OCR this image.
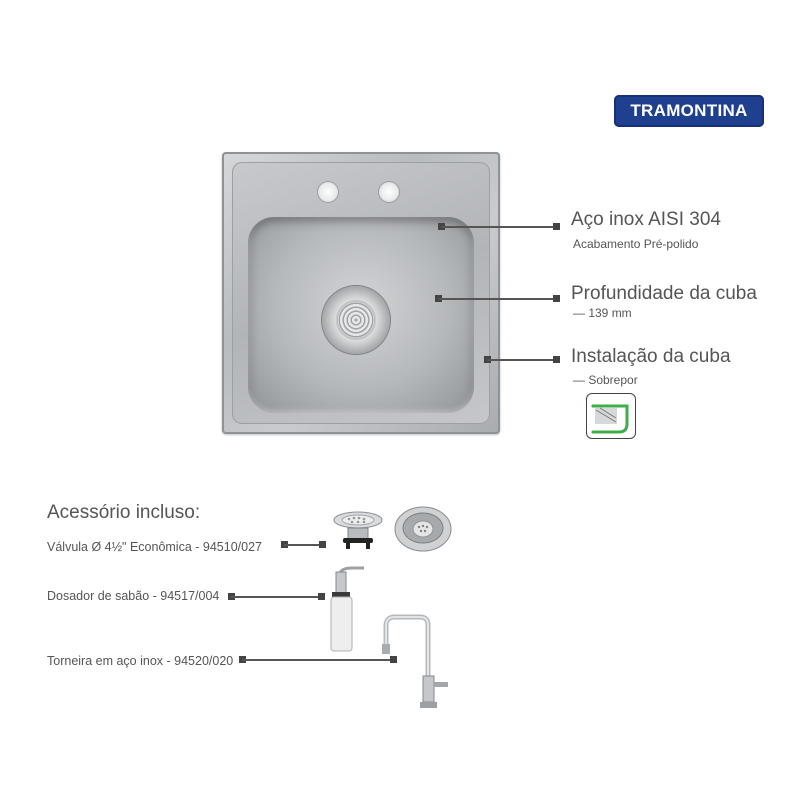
TRAMONTINA
Aço inox AISI 304
Acabamento Pré-polido
Profundidade da cuba
— 139 mm
Instalação da cuba
— Sobrepor
Acessório incluso:
Válvula Ø 4½" Econômica - 94510/027
Dosador de sabão - 94517/004
Torneira em aço inox - 94520/020
